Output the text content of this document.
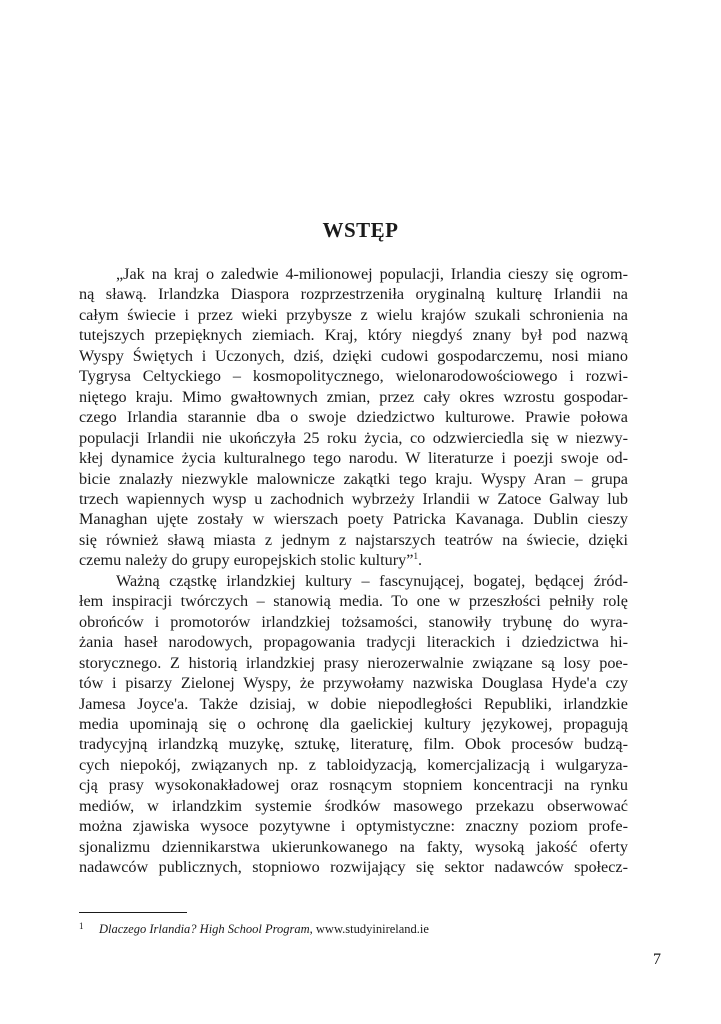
WSTĘP
„Jak na kraj o zaledwie 4-milionowej populacji, Irlandia cieszy się ogrom-
ną sławą. Irlandzka Diaspora rozprzestrzeniła oryginalną kulturę Irlandii na
całym świecie i przez wieki przybysze z wielu krajów szukali schronienia na
tutejszych przepięknych ziemiach. Kraj, który niegdyś znany był pod nazwą
Wyspy Świętych i Uczonych, dziś, dzięki cudowi gospodarczemu, nosi miano
Tygrysa Celtyckiego – kosmopolitycznego, wielonarodowościowego i rozwi-
niętego kraju. Mimo gwałtownych zmian, przez cały okres wzrostu gospodar-
czego Irlandia starannie dba o swoje dziedzictwo kulturowe. Prawie połowa
populacji Irlandii nie ukończyła 25 roku życia, co odzwierciedla się w niezwy-
kłej dynamice życia kulturalnego tego narodu. W literaturze i poezji swoje od-
bicie znalazły niezwykle malownicze zakątki tego kraju. Wyspy Aran – grupa
trzech wapiennych wysp u zachodnich wybrzeży Irlandii w Zatoce Galway lub
Managhan ujęte zostały w wierszach poety Patricka Kavanaga. Dublin cieszy
się również sławą miasta z jednym z najstarszych teatrów na świecie, dzięki
czemu należy do grupy europejskich stolic kultury”$^1$.
Ważną cząstkę irlandzkiej kultury – fascynującej, bogatej, będącej źród-
łem inspiracji twórczych – stanowią media. To one w przeszłości pełniły rolę
obrońców i promotorów irlandzkiej tożsamości, stanowiły trybunę do wyra-
żania haseł narodowych, propagowania tradycji literackich i dziedzictwa hi-
storycznego. Z historią irlandzkiej prasy nierozerwalnie związane są losy poe-
tów i pisarzy Zielonej Wyspy, że przywołamy nazwiska Douglasa Hyde'a czy
Jamesa Joyce'a. Także dzisiaj, w dobie niepodległości Republiki, irlandzkie
media upominają się o ochronę dla gaelickiej kultury językowej, propagują
tradycyjną irlandzką muzykę, sztukę, literaturę, film. Obok procesów budzą-
cych niepokój, związanych np. z tabloidyzacją, komercjalizacją i wulgaryza-
cją prasy wysokonakładowej oraz rosnącym stopniem koncentracji na rynku
mediów, w irlandzkim systemie środków masowego przekazu obserwować
można zjawiska wysoce pozytywne i optymistyczne: znaczny poziom profe-
sjonalizmu dziennikarstwa ukierunkowanego na fakty, wysoką jakość oferty
nadawców publicznych, stopniowo rozwijający się sektor nadawców społecz-
1 Dlaczego Irlandia? High School Program, www.studyinireland.ie
7
